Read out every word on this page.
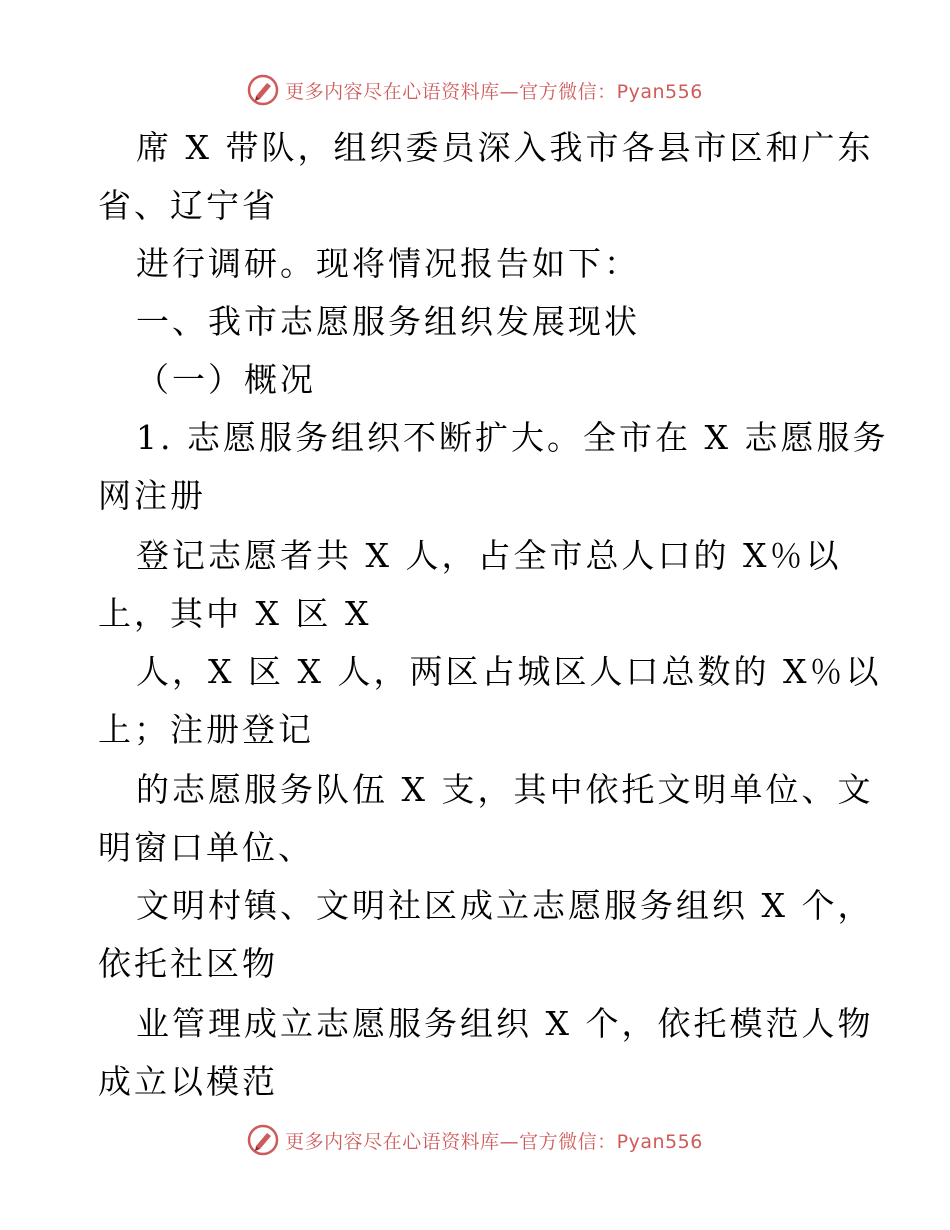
更多内容尽在心语资料库—官方微信：Pyan556
席 X 带队，组织委员深入我市各县市区和广东
省、辽宁省
进行调研。现将情况报告如下：
一、我市志愿服务组织发展现状
（一）概况
1. 志愿服务组织不断扩大。全市在 X 志愿服务
网注册
登记志愿者共 X 人，占全市总人口的 X％以
上，其中 X 区 X
人，X 区 X 人，两区占城区人口总数的 X％以
上；注册登记
的志愿服务队伍 X 支，其中依托文明单位、文
明窗口单位、
文明村镇、文明社区成立志愿服务组织 X 个，
依托社区物
业管理成立志愿服务组织 X 个，依托模范人物
成立以模范
更多内容尽在心语资料库—官方微信：Pyan556
